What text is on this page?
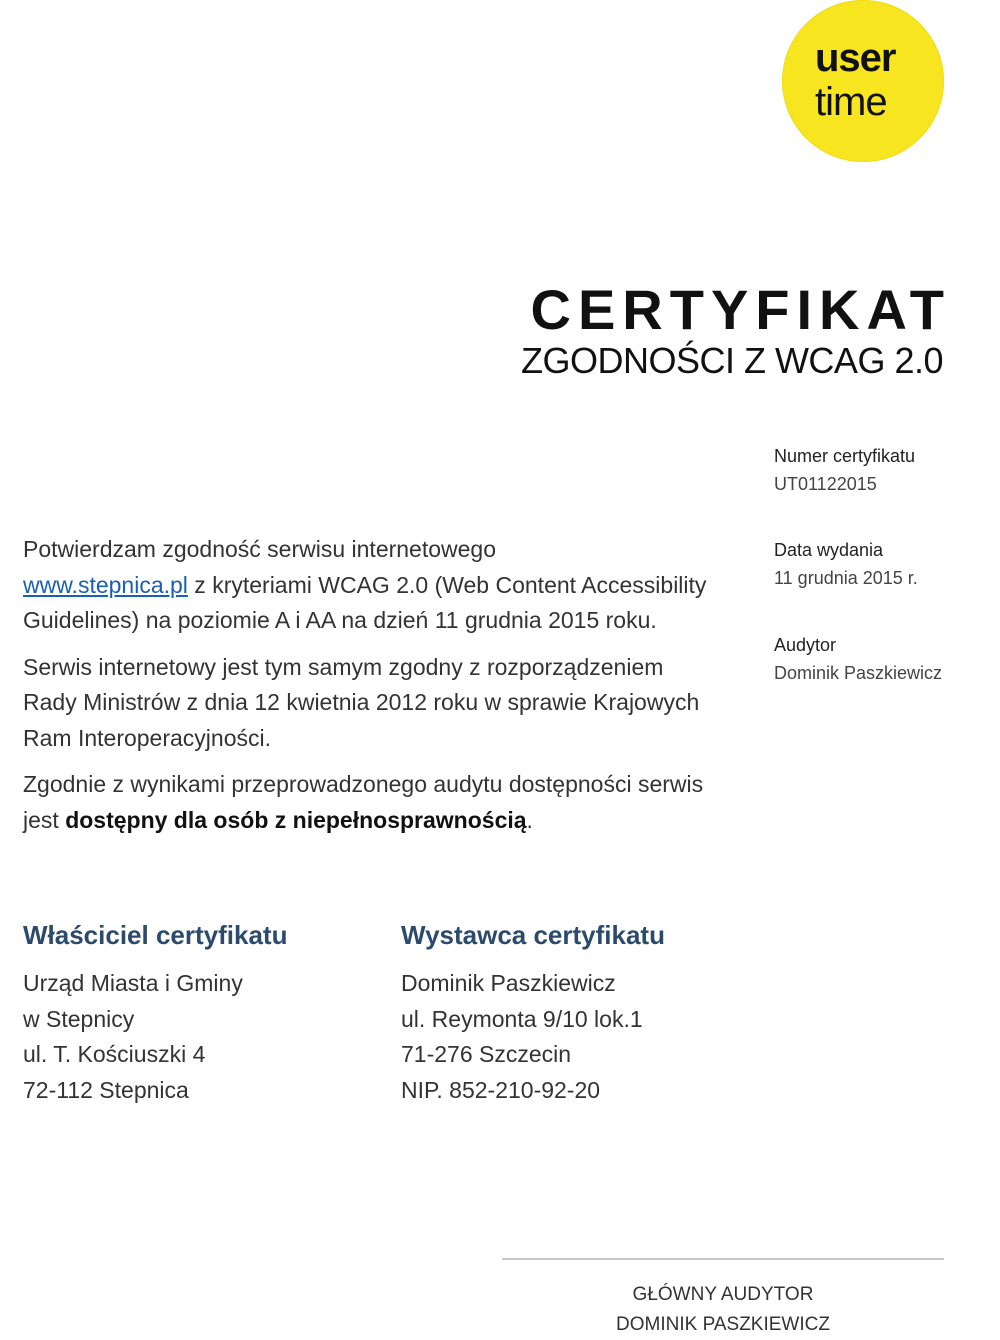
user
time
CERTYFIKAT
ZGODNOŚCI Z WCAG 2.0
Numer certyfikatu
UT01122015
Data wydania
11 grudnia 2015 r.
Audytor
Dominik Paszkiewicz

Potwierdzam zgodność serwisu internetowego
www.stepnica.pl z kryteriami WCAG 2.0 (Web Content Accessibility Guidelines) na poziomie A i AA na dzień 11 grudnia 2015 roku.

Serwis internetowy jest tym samym zgodny z rozporządzeniem Rady Ministrów z dnia 12 kwietnia 2012 roku w sprawie Krajowych Ram Interoperacyjności.

Zgodnie z wynikami przeprowadzonego audytu dostępności serwis jest dostępny dla osób z niepełnosprawnością.

Właściciel certyfikatu
Urząd Miasta i Gminy
w Stepnicy
ul. T. Kościuszki 4
72-112 Stepnica
Wystawca certyfikatu
Dominik Paszkiewicz
ul. Reymonta 9/10 lok.1
71-276 Szczecin
NIP. 852-210-92-20
GŁÓWNY AUDYTOR
DOMINIK PASZKIEWICZ
